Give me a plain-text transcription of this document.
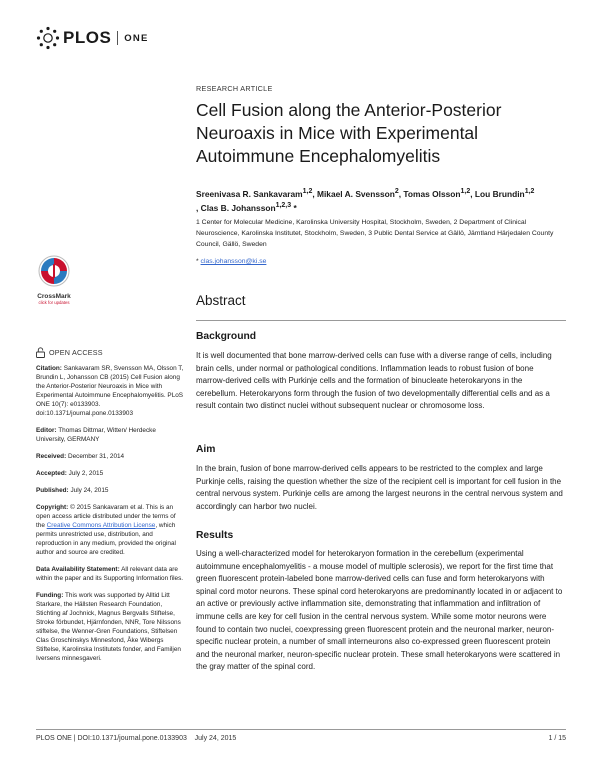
PLOS ONE
RESEARCH ARTICLE
Cell Fusion along the Anterior-Posterior Neuroaxis in Mice with Experimental Autoimmune Encephalomyelitis
Sreenivasa R. Sankavaram$^{1,2}$, Mikael A. Svensson$^2$, Tomas Olsson$^{1,2}$, Lou Brundin$^{1,2}$
, Clas B. Johansson$^{1,2,3}$ *
1 Center for Molecular Medicine, Karolinska University Hospital, Stockholm, Sweden, 2 Department of Clinical Neuroscience, Karolinska Institutet, Stockholm, Sweden, 3 Public Dental Service at Gällö, Jämtland Härjedalen County Council, Gällö, Sweden
* clas.johansson@ki.se
CrossMark
click for updates
OPEN ACCESS

Citation: Sankavaram SR, Svensson MA, Olsson T, Brundin L, Johansson CB (2015) Cell Fusion along the Anterior-Posterior Neuroaxis in Mice with Experimental Autoimmune Encephalomyelitis. PLoS ONE 10(7): e0133903. doi:10.1371/journal.pone.0133903

Editor: Thomas Dittmar, Witten/ Herdecke University, GERMANY

Received: December 31, 2014

Accepted: July 2, 2015

Published: July 24, 2015

Copyright: © 2015 Sankavaram et al. This is an open access article distributed under the terms of the Creative Commons Attribution License, which permits unrestricted use, distribution, and reproduction in any medium, provided the original author and source are credited.

Data Availability Statement: All relevant data are within the paper and its Supporting Information files.

Funding: This work was supported by Alltid Litt Starkare, the Hällsten Research Foundation, Stichting af Jochnick, Magnus Bergvalls Stiftelse, Stroke förbundet, Hjärnfonden, NNR, Tore Nilssons stiftelse, the Wenner-Gren Foundations, Stiftelsen Clas Groschinskys Minnesfond, Åke Wibergs Stiftelse, Karolinska Institutets fonder, and Familjen Iversens minnesgaveri.

Abstract
Background
It is well documented that bone marrow-derived cells can fuse with a diverse range of cells, including brain cells, under normal or pathological conditions. Inflammation leads to robust fusion of bone marrow-derived cells with Purkinje cells and the formation of binucleate heterokaryons in the cerebellum. Heterokaryons form through the fusion of two developmentally differential cells and as a result contain two distinct nuclei without subsequent nuclear or chromosome loss.
Aim
In the brain, fusion of bone marrow-derived cells appears to be restricted to the complex and large Purkinje cells, raising the question whether the size of the recipient cell is important for cell fusion in the central nervous system. Purkinje cells are among the largest neurons in the central nervous system and accordingly can harbor two nuclei.
Results
Using a well-characterized model for heterokaryon formation in the cerebellum (experimental autoimmune encephalomyelitis - a mouse model of multiple sclerosis), we report for the first time that green fluorescent protein-labeled bone marrow-derived cells can fuse and form heterokaryons with spinal cord motor neurons. These spinal cord heterokaryons are predominantly located in or adjacent to an active or previously active inflammation site, demonstrating that inflammation and infiltration of immune cells are key for cell fusion in the central nervous system. While some motor neurons were found to contain two nuclei, coexpressing green fluorescent protein and the neuronal marker, neuron-specific nuclear protein, a number of small interneurons also co-expressed green fluorescent protein and the neuronal marker, neuron-specific nuclear protein. These small heterokaryons were scattered in the gray matter of the spinal cord.
PLOS ONE | DOI:10.1371/journal.pone.0133903    July 24, 2015	1 / 15
